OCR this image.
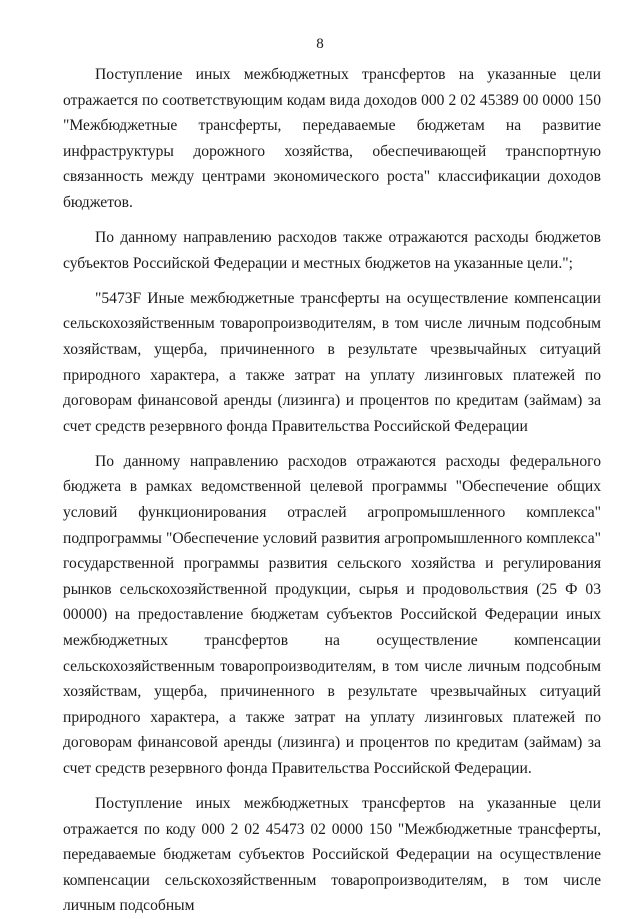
8

Поступление иных межбюджетных трансфертов на указанные цели отражается по соответствующим кодам вида доходов 000 2 02 45389 00 0000 150 "Межбюджетные трансферты, передаваемые бюджетам на развитие инфраструктуры дорожного хозяйства, обеспечивающей транспортную связанность между центрами экономического роста" классификации доходов бюджетов.

По данному направлению расходов также отражаются расходы бюджетов субъектов Российской Федерации и местных бюджетов на указанные цели.";

"5473F Иные межбюджетные трансферты на осуществление компенсации сельскохозяйственным товаропроизводителям, в том числе личным подсобным хозяйствам, ущерба, причиненного в результате чрезвычайных ситуаций природного характера, а также затрат на уплату лизинговых платежей по договорам финансовой аренды (лизинга) и процентов по кредитам (займам) за счет средств резервного фонда Правительства Российской Федерации

По данному направлению расходов отражаются расходы федерального бюджета в рамках ведомственной целевой программы "Обеспечение общих условий функционирования отраслей агропромышленного комплекса" подпрограммы "Обеспечение условий развития агропромышленного комплекса" государственной программы развития сельского хозяйства и регулирования рынков сельскохозяйственной продукции, сырья и продовольствия (25 Ф 03 00000) на предоставление бюджетам субъектов Российской Федерации иных межбюджетных трансфертов на осуществление компенсации сельскохозяйственным товаропроизводителям, в том числе личным подсобным хозяйствам, ущерба, причиненного в результате чрезвычайных ситуаций природного характера, а также затрат на уплату лизинговых платежей по договорам финансовой аренды (лизинга) и процентов по кредитам (займам) за счет средств резервного фонда Правительства Российской Федерации.

Поступление иных межбюджетных трансфертов на указанные цели отражается по коду 000 2 02 45473 02 0000 150 "Межбюджетные трансферты, передаваемые бюджетам субъектов Российской Федерации на осуществление компенсации сельскохозяйственным товаропроизводителям, в том числе личным подсобным
